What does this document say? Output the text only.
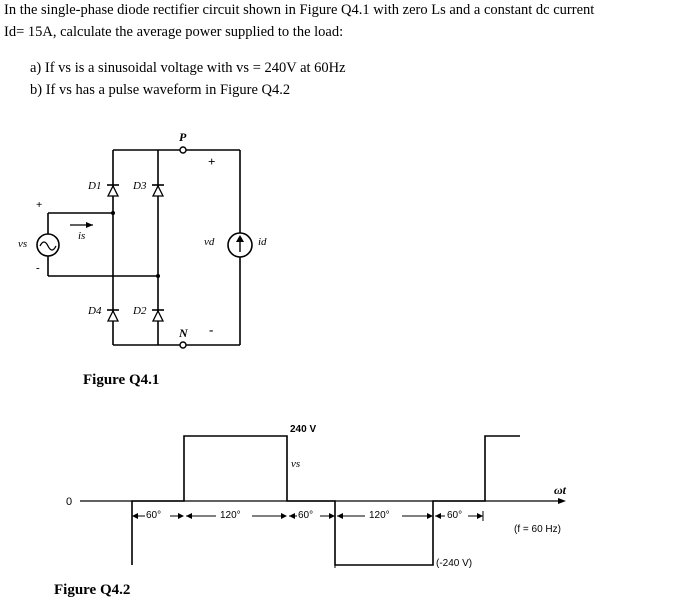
In the single-phase diode rectifier circuit shown in Figure Q4.1 with zero Ls and a constant dc current
Id= 15A, calculate the average power supplied to the load:
a) If vs is a sinusoidal voltage with vs = 240V at 60Hz
b) If vs has a pulse waveform in Figure Q4.2
P
N
+
-
+
-
vs
is	vd	id
D1	D3
D4	D2
Figure Q4.1
240 V
vs
0
ωt
60°	120°	60°	120°	60°
(f = 60 Hz)
(-240 V)
Figure Q4.2
